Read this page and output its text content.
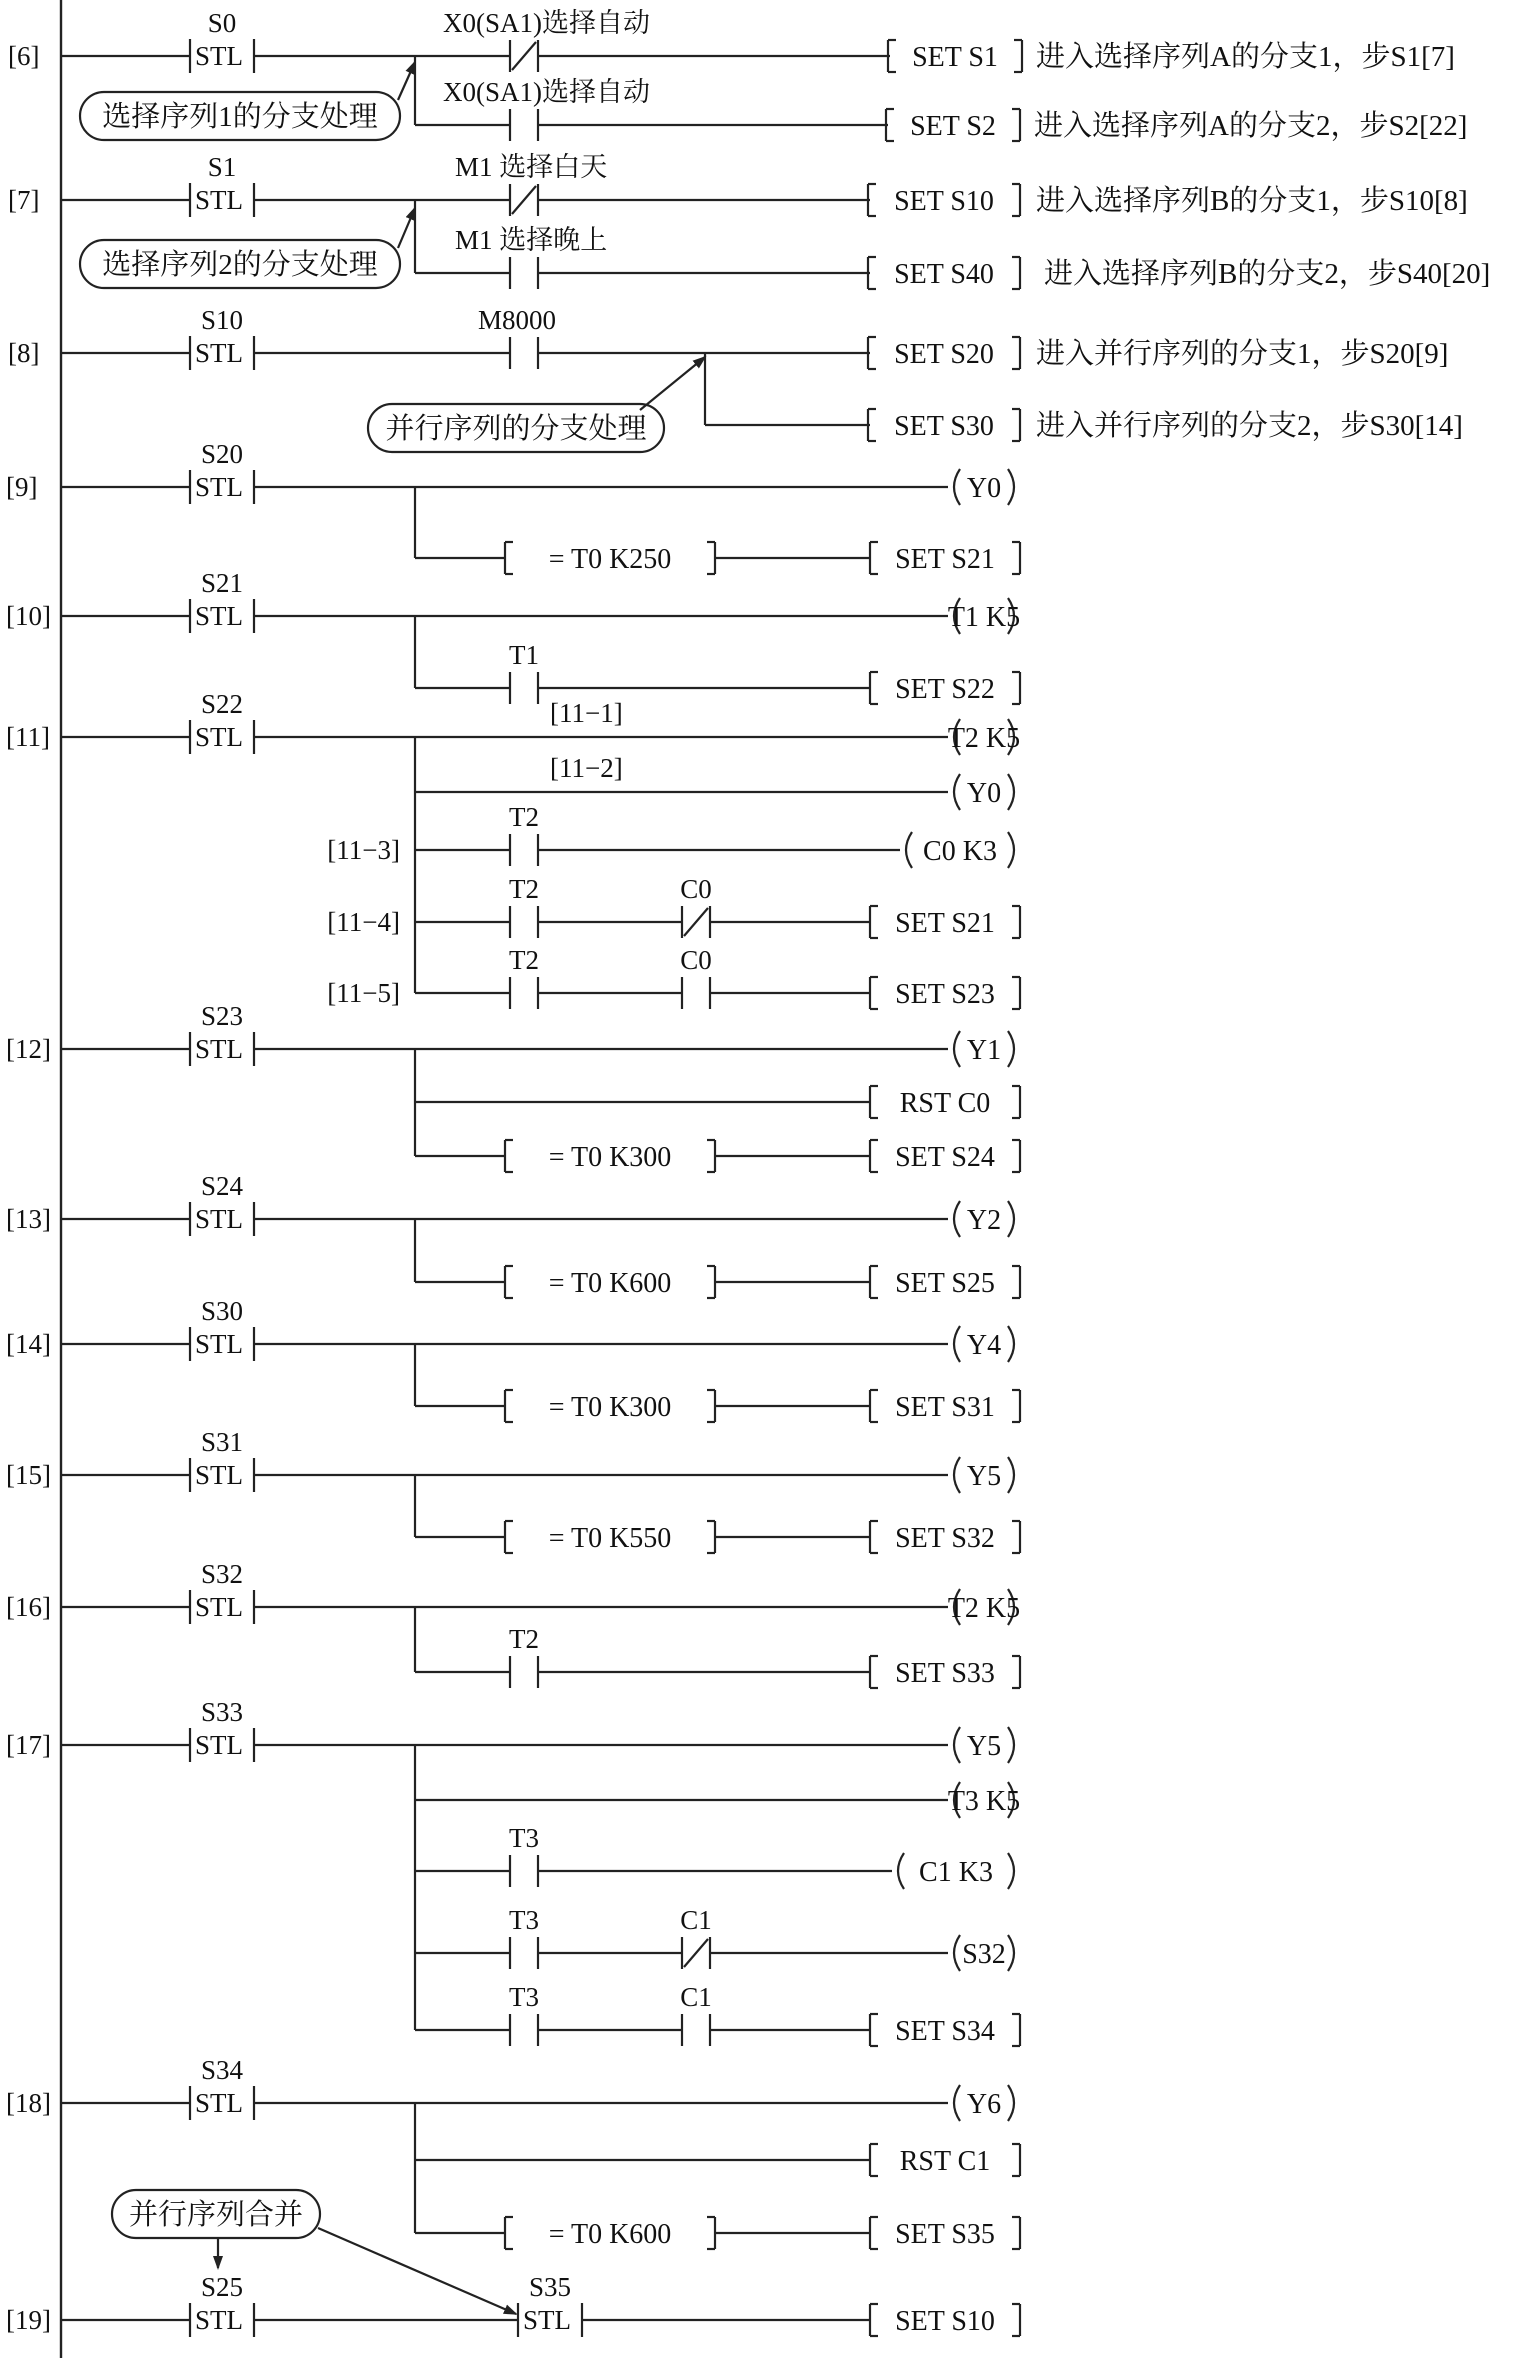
[6]	STL
S0	X0(SA1)选择自动
SET S1 进入选择序列A的分支1，步S1[7]
X0(SA1)选择自动
SET S2 进入选择序列A的分支2，步S2[22]
[7]	STL
S1	M1 选择白天
SET S10 进入选择序列B的分支1，步S10[8]
M1 选择晚上
SET S40 进入选择序列B的分支2，步S40[20]
[8]	STL
S10	M8000
SET S20 进入并行序列的分支1，步S20[9]
SET S30 进入并行序列的分支2，步S30[14]
[9]	STL
S20
Y0
= T0 K250	SET S21
[10]	STL
S21
T1 K5
T1
SET S22
[11]	STL
S22
T2 K5
[11−1]
Y0
[11−2]
T2
C0 K3
[11−3]
T2	C0
SET S21
[11−4]
T2	C0
SET S23
[11−5]
[12]	STL
S23
Y1
RST C0
= T0 K300	SET S24
[13]	STL
S24
Y2
= T0 K600	SET S25
[14]	STL
S30
Y4
= T0 K300	SET S31
[15]	STL
S31
Y5
= T0 K550	SET S32
[16]	STL
S32
T2 K5
T2
SET S33
[17]	STL
S33
Y5
T3 K5
T3
C1 K3
T3	C1
S32
T3	C1
SET S34
[18]	STL
S34
Y6
RST C1
= T0 K600	SET S35
[19]	STL
S25
STL
S35
SET S10
选择序列1的分支处理
选择序列2的分支处理
并行序列的分支处理
并行序列合并
